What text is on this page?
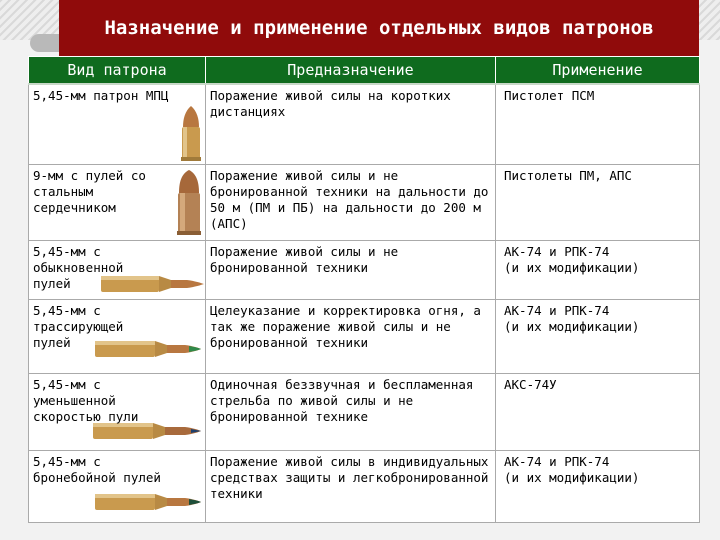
Назначение и применение отдельных видов патронов
Вид патрона	Предназначение	Применение

5,45-мм патрон МПЦ	Поражение живой силы на коротких дистанциях	Пистолет ПСМ

9-мм с пулей со стальным сердечником	Поражение живой силы и не бронированной техники на дальности до 50 м (ПМ и ПБ) на дальности до 200 м (АПС)	Пистолеты ПМ, АПС

5,45-мм с обыкновенной пулей	Поражение живой силы и не бронированной техники	АК-74 и РПК-74
(и их модификации)

5,45-мм с трассирующей пулей	Целеуказание и корректировка огня, а так же поражение живой силы и не бронированной техники	АК-74 и РПК-74
(и их модификации)

5,45-мм с уменьшенной скоростью пули	Одиночная беззвучная и беспламенная стрельба по живой силы и не бронированной технике	АКС-74У

5,45-мм с бронебойной пулей	Поражение живой силы в индивидуальных средствах защиты и легкобронированной техники	АК-74 и РПК-74
(и их модификации)
